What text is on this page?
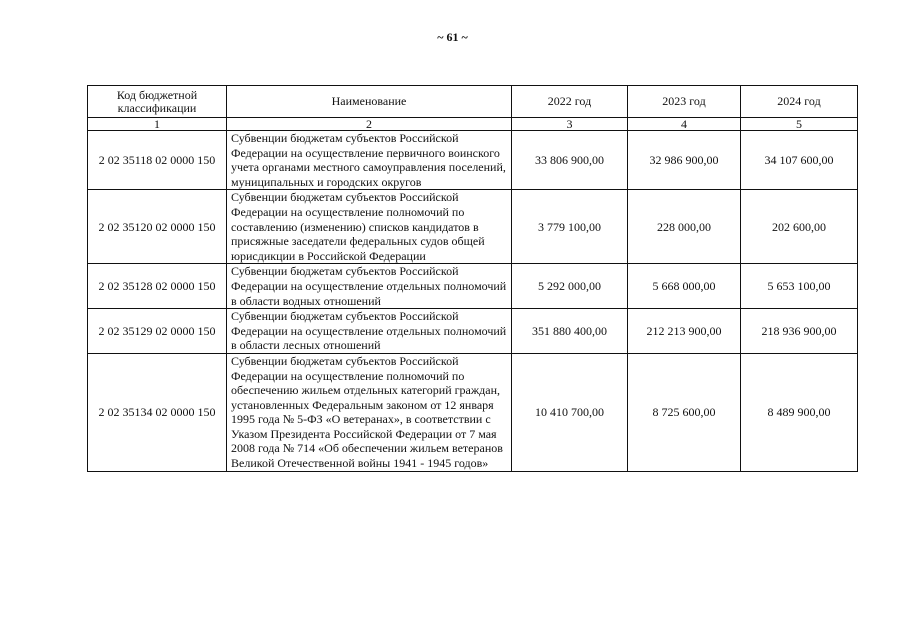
~ 61 ~
Код бюджетной классификации	Наименование	2022 год	2023 год	2024 год
1	2	3	4	5
2 02 35118 02 0000 150	Субвенции бюджетам субъектов Российской Федерации на осуществление первичного воинского учета органами местного самоуправления поселений, муниципальных и городских округов	33 806 900,00	32 986 900,00	34 107 600,00
2 02 35120 02 0000 150	Субвенции бюджетам субъектов Российской Федерации на осуществление полномочий по составлению (изменению) списков кандидатов в присяжные заседатели федеральных судов общей юрисдикции в Российской Федерации	3 779 100,00	228 000,00	202 600,00
2 02 35128 02 0000 150	Субвенции бюджетам субъектов Российской Федерации на осуществление отдельных полномочий в области водных отношений	5 292 000,00	5 668 000,00	5 653 100,00
2 02 35129 02 0000 150	Субвенции бюджетам субъектов Российской Федерации на осуществление отдельных полномочий в области лесных отношений	351 880 400,00	212 213 900,00	218 936 900,00
2 02 35134 02 0000 150	Субвенции бюджетам субъектов Российской Федерации на осуществление полномочий по обеспечению жильем отдельных категорий граждан, установленных Федеральным законом от 12 января 1995 года № 5-ФЗ «О ветеранах», в соответствии с Указом Президента Российской Федерации от 7 мая 2008 года № 714 «Об обеспечении жильем ветеранов Великой Отечественной войны 1941 - 1945 годов»	10 410 700,00	8 725 600,00	8 489 900,00
